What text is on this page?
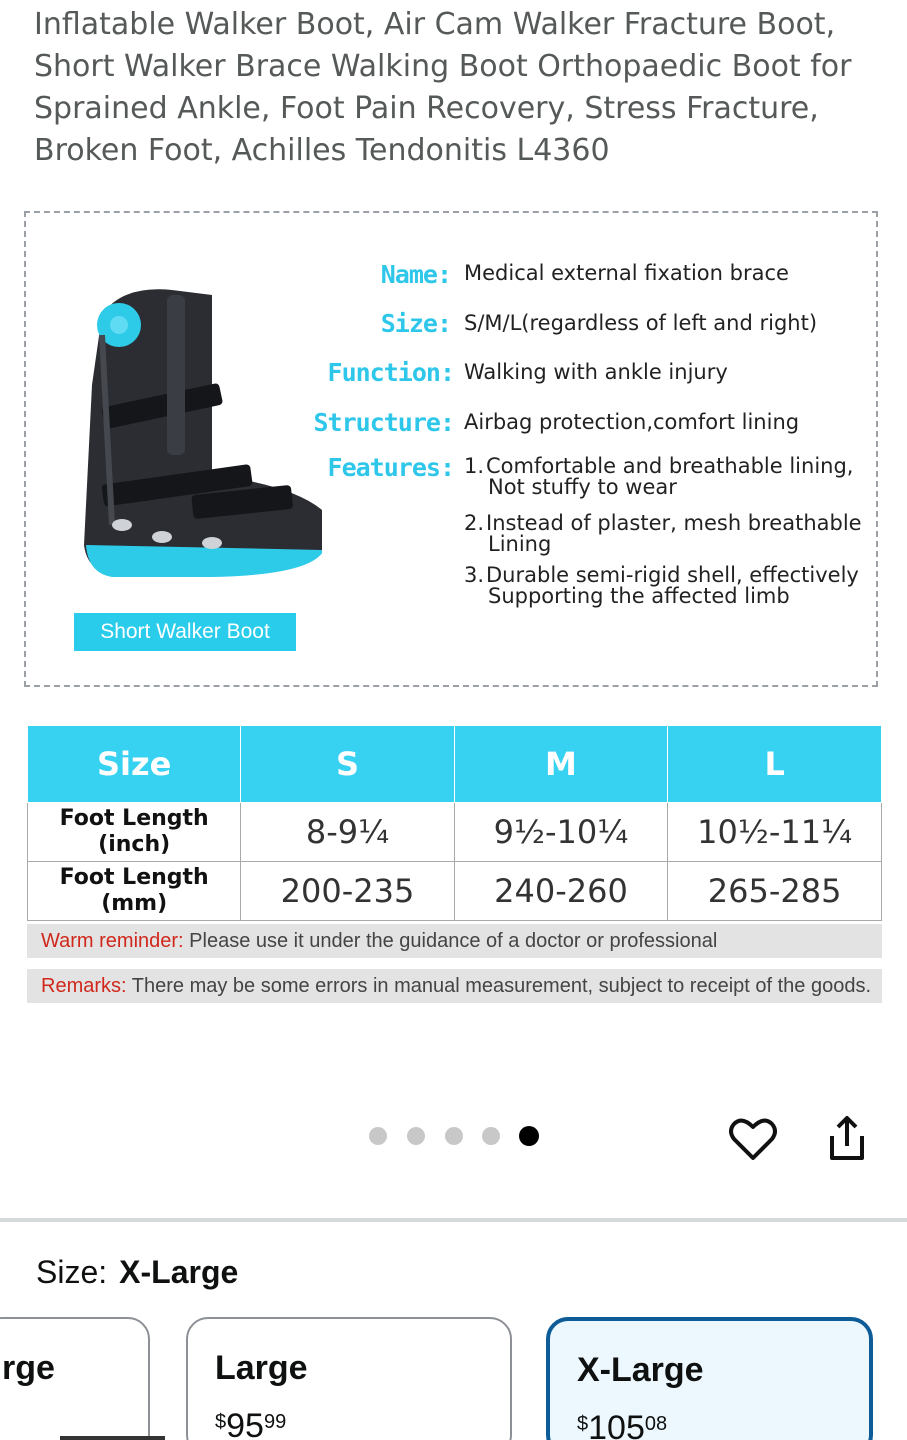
Inflatable Walker Boot, Air Cam Walker Fracture Boot, Short Walker Brace Walking Boot Orthopaedic Boot for Sprained Ankle, Foot Pain Recovery, Stress Fracture, Broken Foot, Achilles Tendonitis L4360
Short Walker Boot
Name: Medical external fixation brace
Size: S/M/L(regardless of left and right)
Function: Walking with ankle injury
Structure: Airbag protection,comfort lining
Features: 1.Comfortable and breathable lining,
Not stuffy to wear
2.Instead of plaster, mesh breathable
Lining
3.Durable semi-rigid shell, effectively
Supporting the affected limb
Size	S	M	L
Foot Length
(inch)	8-9¼	9½-10¼	10½-11¼
Foot Length
(mm)	200-235	240-260	265-285
Warm reminder: Please use it under the guidance of a doctor or professional
Remarks: There may be some errors in manual measurement, subject to receipt of the goods.
Size: X-Large
rge	Large
$9599
X-Large
$10508
